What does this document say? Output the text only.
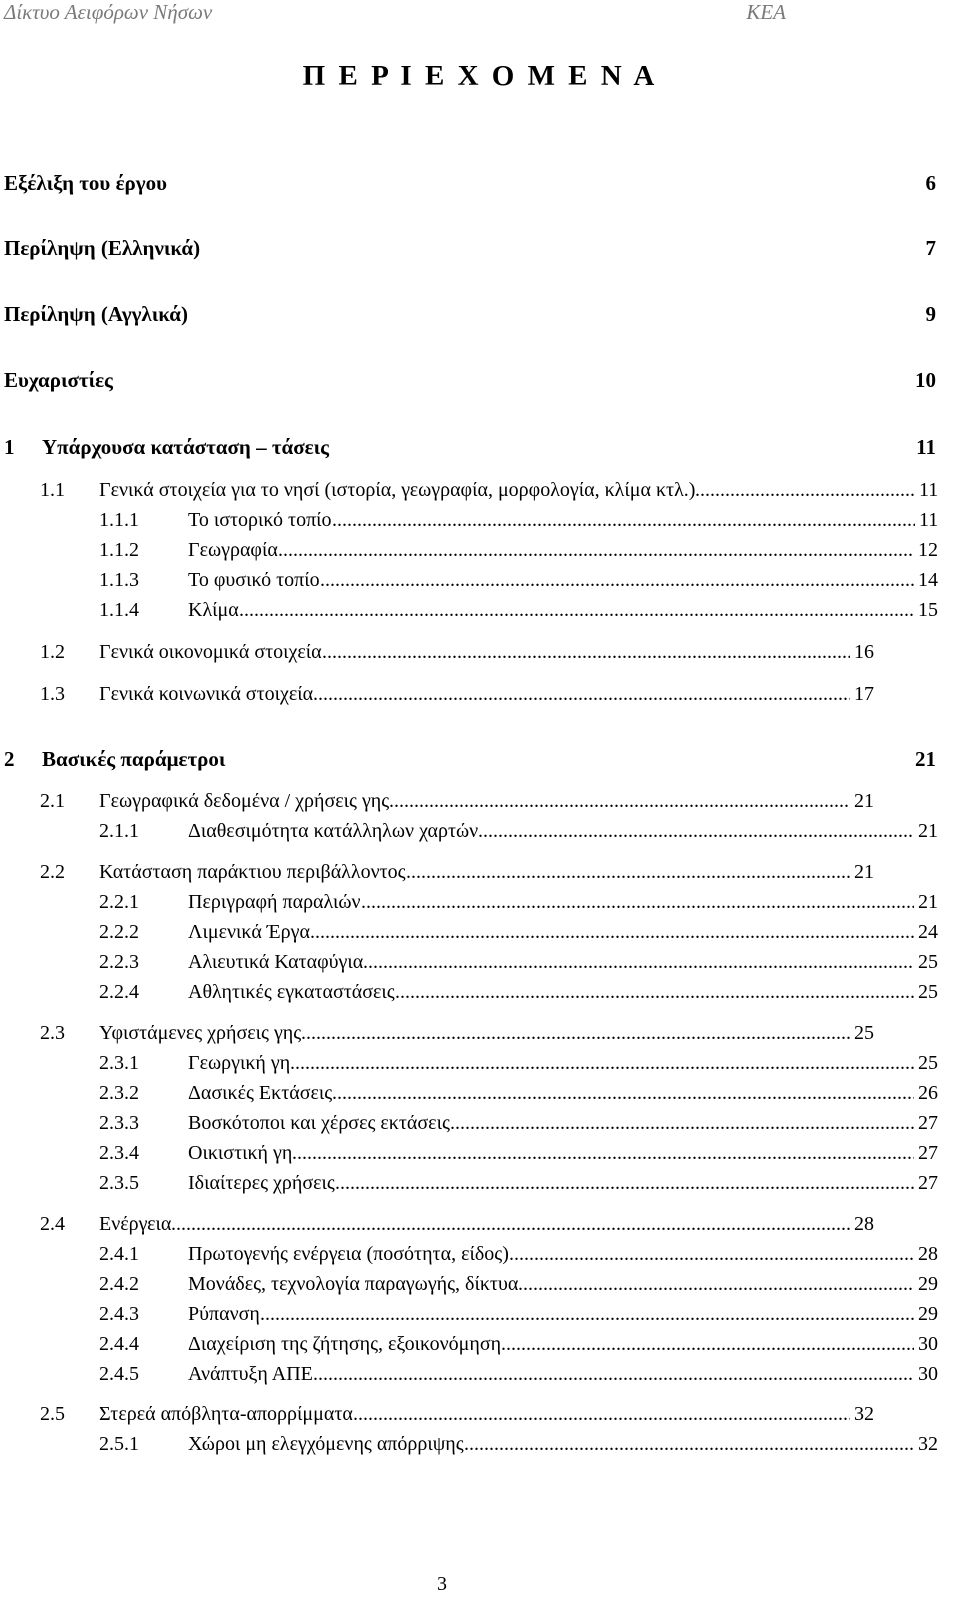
Δίκτυο Αειφόρων Νήσων	ΚΕΑ
Π Ε Ρ Ι Ε Χ Ο Μ Ε Ν Α
Εξέλιξη του έργου	6
Περίληψη (Ελληνικά)	7
Περίληψη (Αγγλικά)	9
Ευχαριστίες	10
1 Υπάρχουσα κατάσταση – τάσεις	11
1.1 Γενικά στοιχεία για το νησί (ιστορία, γεωγραφία, μορφολογία, κλίμα κτλ.)	11
.....
1.1.1 Το ιστορικό τοπίο	11
.....
1.1.2 Γεωγραφία	12
.....
1.1.3 Το φυσικό τοπίο	14
.....
1.1.4 Κλίμα	15
.....
1.2 Γενικά οικονομικά στοιχεία	16
.....
1.3 Γενικά κοινωνικά στοιχεία	17
.....
2 Βασικές παράμετροι	21
2.1 Γεωγραφικά δεδομένα / χρήσεις γης	21
.....
2.1.1 Διαθεσιμότητα κατάλληλων χαρτών	21
.....
2.2 Κατάσταση παράκτιου περιβάλλοντος	21
.....
2.2.1 Περιγραφή παραλιών	21
.....
2.2.2 Λιμενικά Έργα	24
.....
2.2.3 Αλιευτικά Καταφύγια	25
.....
2.2.4 Αθλητικές εγκαταστάσεις	25
.....
2.3 Υφιστάμενες χρήσεις γης	25
.....
2.3.1 Γεωργική γη	25
.....
2.3.2 Δασικές Εκτάσεις	26
.....
2.3.3 Βοσκότοποι και χέρσες εκτάσεις	27
.....
2.3.4 Οικιστική γη	27
.....
2.3.5 Ιδιαίτερες χρήσεις	27
.....
2.4 Ενέργεια	28
.....
2.4.1 Πρωτογενής ενέργεια (ποσότητα, είδος)	28
.....
2.4.2 Μονάδες, τεχνολογία παραγωγής, δίκτυα	29
.....
2.4.3 Ρύπανση	29
.....
2.4.4 Διαχείριση της ζήτησης, εξοικονόμηση	30
.....
2.4.5 Ανάπτυξη ΑΠΕ	30
.....
2.5 Στερεά απόβλητα-απορρίμματα	32
.....
2.5.1 Χώροι μη ελεγχόμενης απόρριψης	32
.....
3
